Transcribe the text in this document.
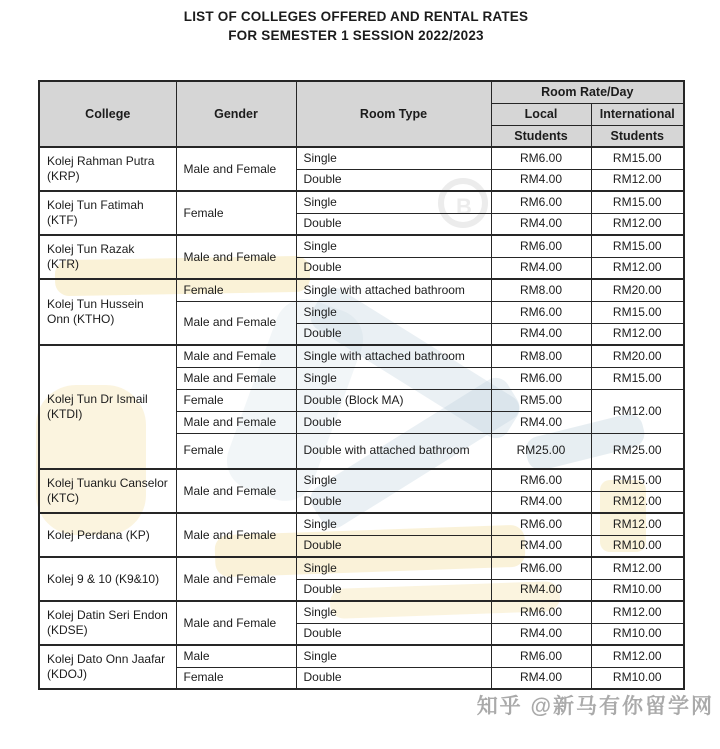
B
LIST OF COLLEGES OFFERED AND RENTAL RATES
FOR SEMESTER 1 SESSION 2022/2023
College	Gender	Room Type	Room Rate/Day	
			Local	International
			Students	Students
Kolej Rahman Putra (KRP)	Male and Female	Single	RM6.00	RM15.00
		Double	RM4.00	RM12.00
Kolej Tun Fatimah (KTF)	Female	Single	RM6.00	RM15.00
		Double	RM4.00	RM12.00
Kolej Tun Razak (KTR)	Male and Female	Single	RM6.00	RM15.00
		Double	RM4.00	RM12.00
Kolej Tun Hussein Onn (KTHO)	Female	Single with attached bathroom	RM8.00	RM20.00
	Male and Female	Single	RM6.00	RM15.00
		Double	RM4.00	RM12.00
Kolej Tun Dr Ismail (KTDI)	Male and Female	Single with attached bathroom	RM8.00	RM20.00
	Male and Female	Single	RM6.00	RM15.00
	Female	Double (Block MA)	RM5.00	RM12.00
	Male and Female	Double	RM4.00	
	Female	Double with attached bathroom	RM25.00	RM25.00
Kolej Tuanku Canselor (KTC)	Male and Female	Single	RM6.00	RM15.00
		Double	RM4.00	RM12.00
Kolej Perdana (KP)	Male and Female	Single	RM6.00	RM12.00
		Double	RM4.00	RM10.00
Kolej 9 & 10 (K9&10)	Male and Female	Single	RM6.00	RM12.00
		Double	RM4.00	RM10.00
Kolej Datin Seri Endon (KDSE)	Male and Female	Single	RM6.00	RM12.00
		Double	RM4.00	RM10.00
Kolej Dato Onn Jaafar (KDOJ)	Male	Single	RM6.00	RM12.00
	Female	Double	RM4.00	RM10.00
知乎 @新马有你留学网
